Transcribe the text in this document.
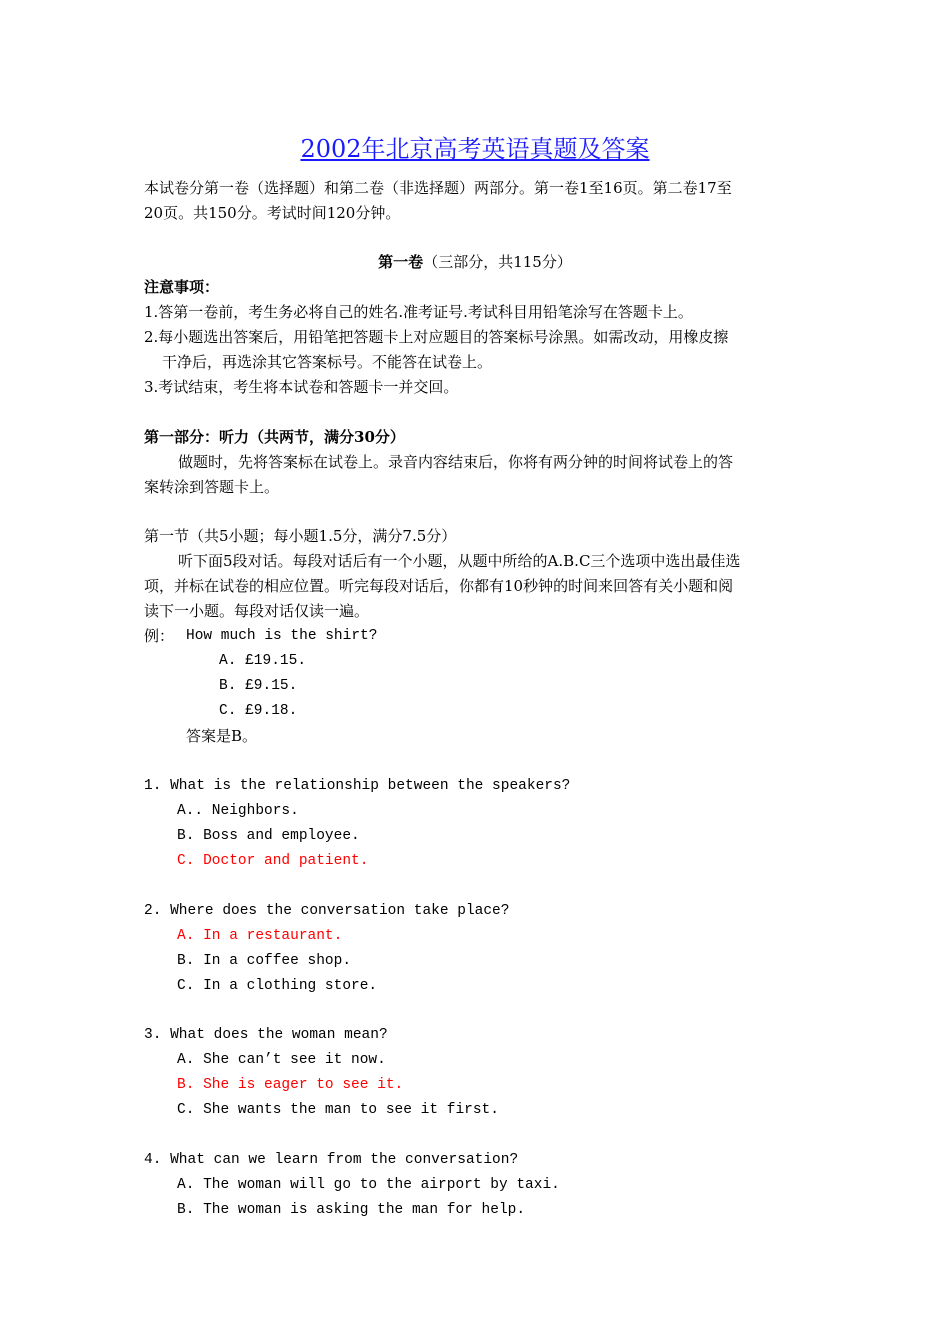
2002年北京高考英语真题及答案
本试卷分第一卷（选择题）和第二卷（非选择题）两部分。第一卷1至16页。第二卷17至
20页。共150分。考试时间120分钟。
第一卷（三部分，共115分）
注意事项：
1.答第一卷前，考生务必将自己的姓名.准考证号.考试科目用铅笔涂写在答题卡上。
2.每小题选出答案后，用铅笔把答题卡上对应题目的答案标号涂黑。如需改动，用橡皮擦
干净后，再选涂其它答案标号。不能答在试卷上。
3.考试结束，考生将本试卷和答题卡一并交回。
第一部分：听力（共两节，满分30分）
做题时，先将答案标在试卷上。录音内容结束后，你将有两分钟的时间将试卷上的答
案转涂到答题卡上。
第一节（共5小题；每小题1.5分，满分7.5分）
听下面5段对话。每段对话后有一个小题，从题中所给的A.B.C三个选项中选出最佳选
项，并标在试卷的相应位置。听完每段对话后，你都有10秒钟的时间来回答有关小题和阅
读下一小题。每段对话仅读一遍。
例： How much is the shirt?
A. £19.15.
B. £9.15.
C. £9.18.
答案是B。
1. What is the relationship between the speakers?
A.. Neighbors.
B. Boss and employee.
C. Doctor and patient.
2. Where does the conversation take place?
A. In a restaurant.
B. In a coffee shop.
C. In a clothing store.
3. What does the woman mean?
A. She can’t see it now.
B. She is eager to see it.
C. She wants the man to see it first.
4. What can we learn from the conversation?
A. The woman will go to the airport by taxi.
B. The woman is asking the man for help.
